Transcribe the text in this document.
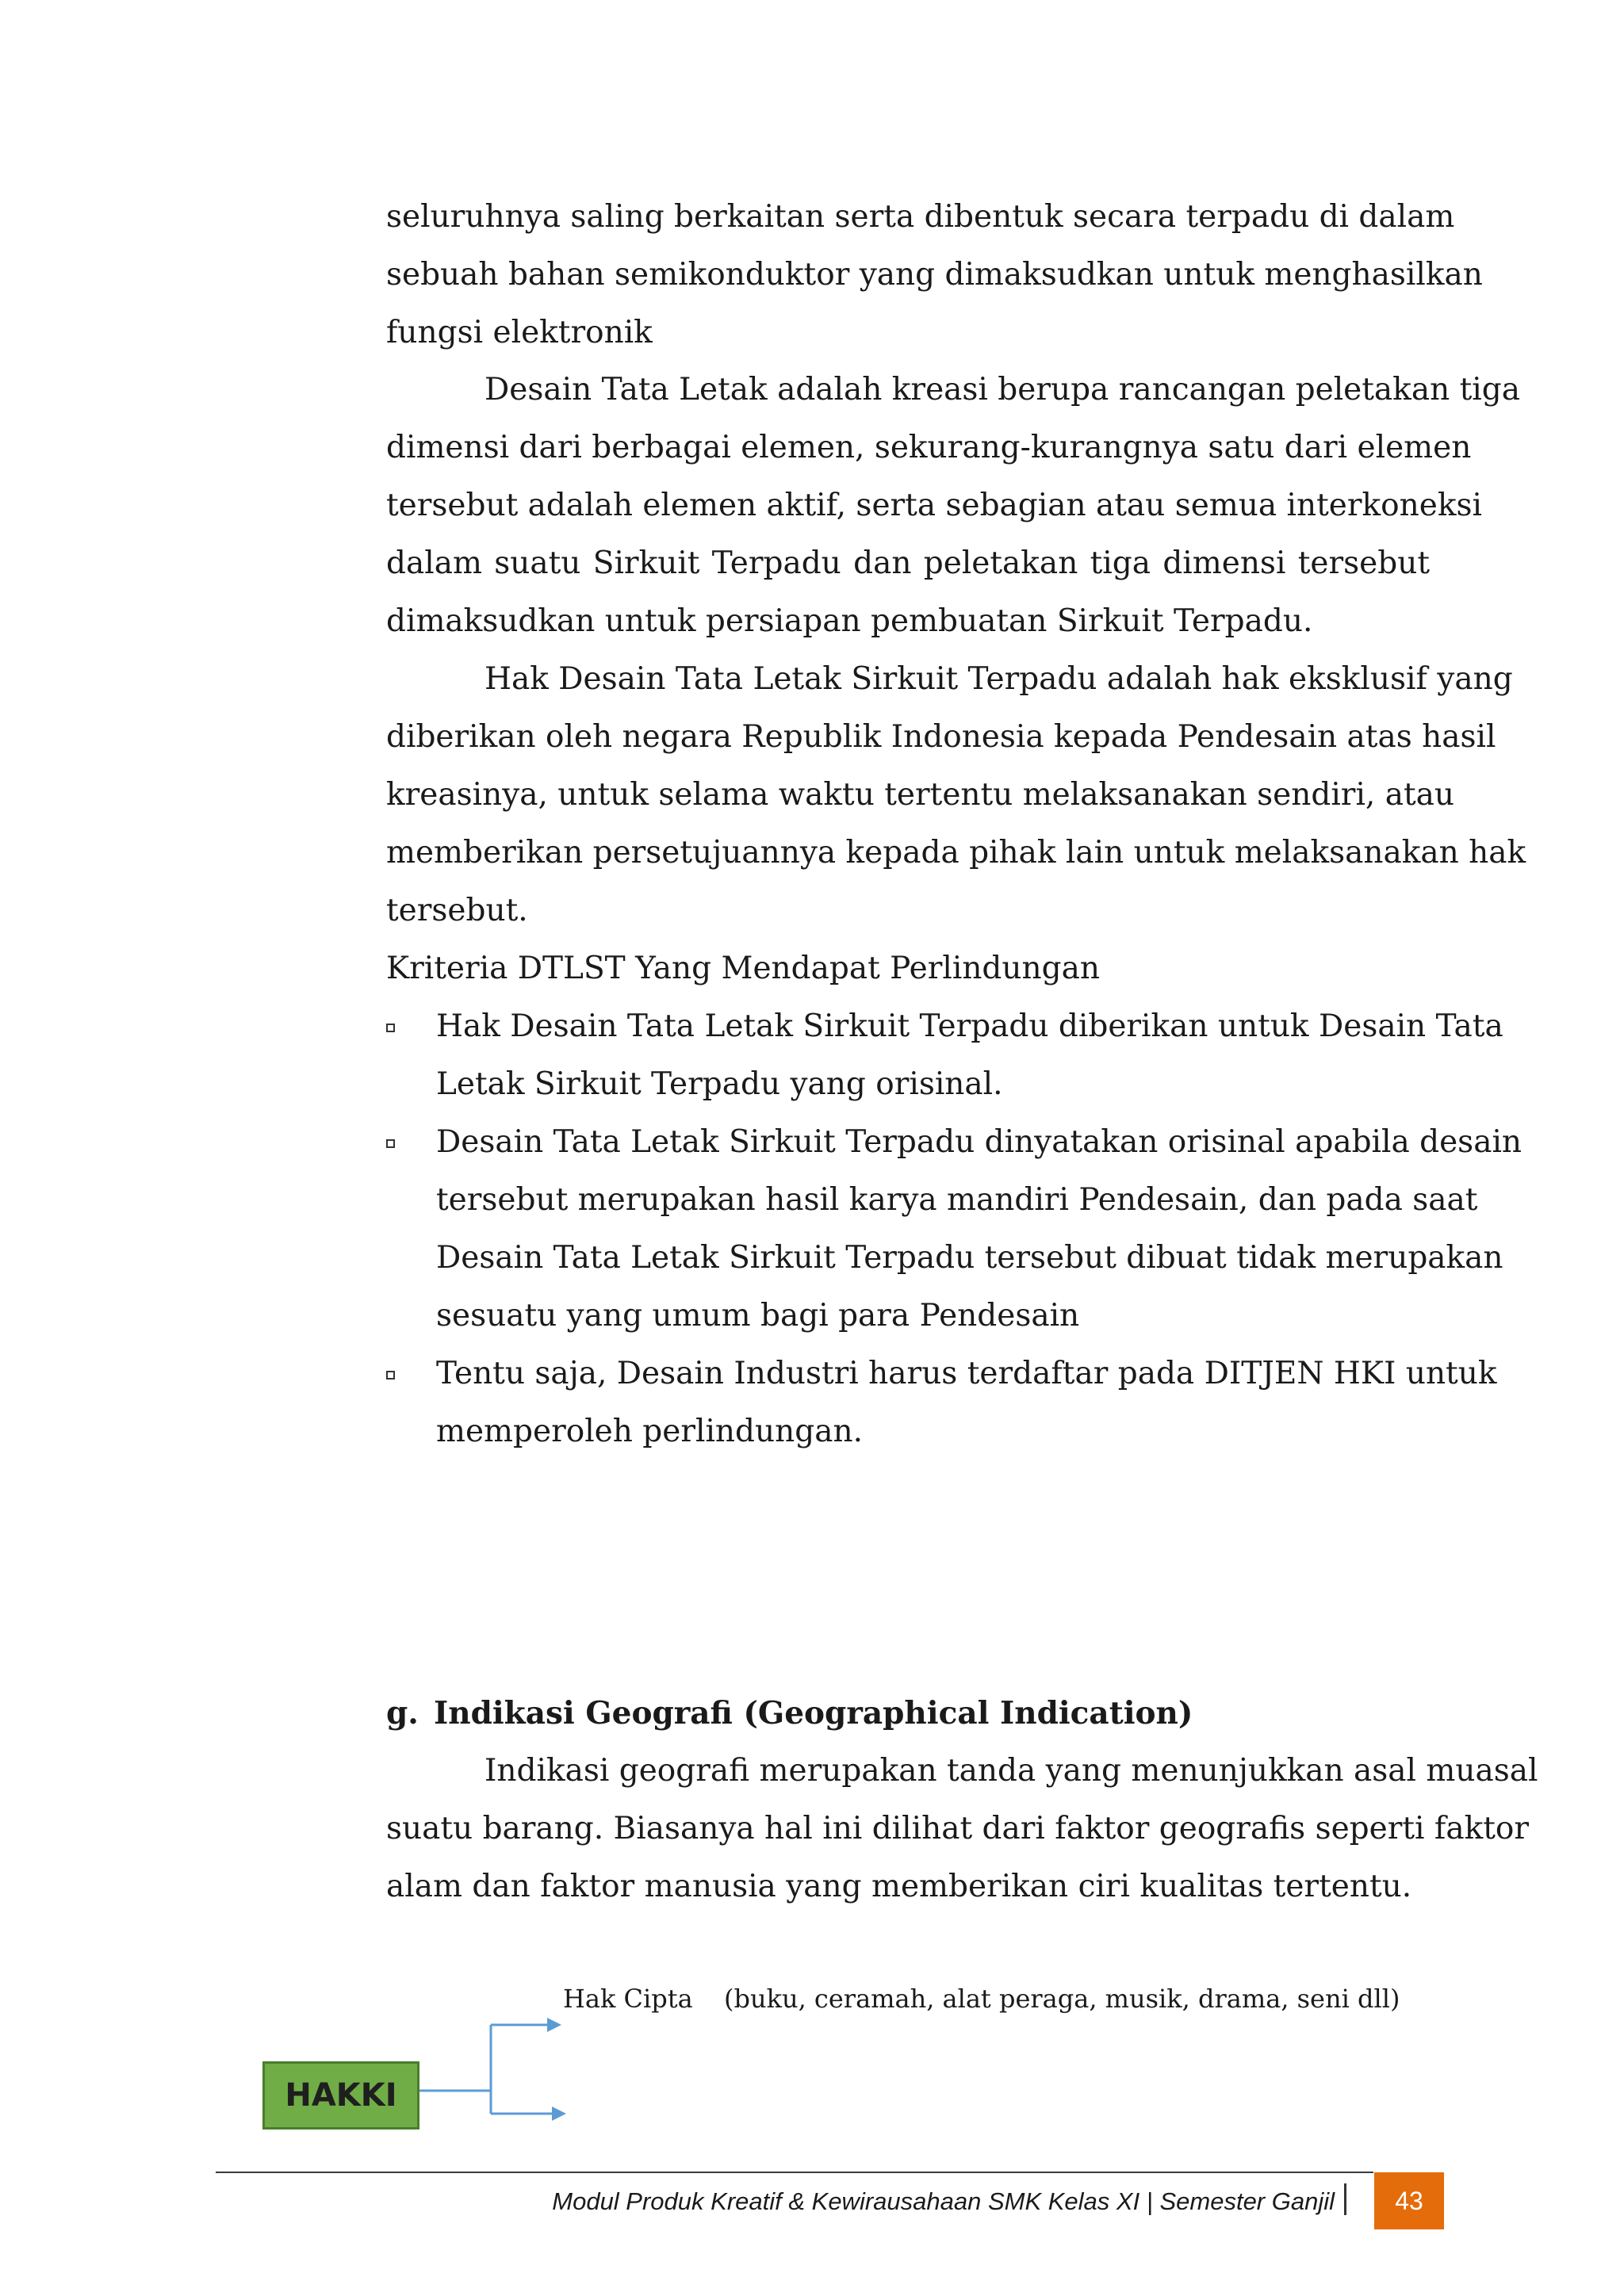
seluruhnya saling berkaitan serta dibentuk secara terpadu di dalam
sebuah bahan semikonduktor yang dimaksudkan untuk menghasilkan
fungsi elektronik
Desain Tata Letak adalah kreasi berupa rancangan peletakan tiga
dimensi dari berbagai elemen, sekurang-kurangnya satu dari elemen
tersebut adalah elemen aktif, serta sebagian atau semua interkoneksi
dalam suatu Sirkuit Terpadu dan peletakan tiga dimensi tersebut
dimaksudkan untuk persiapan pembuatan Sirkuit Terpadu.
Hak Desain Tata Letak Sirkuit Terpadu adalah hak eksklusif yang
diberikan oleh negara Republik Indonesia kepada Pendesain atas hasil
kreasinya, untuk selama waktu tertentu melaksanakan sendiri, atau
memberikan persetujuannya kepada pihak lain untuk melaksanakan hak
tersebut.
Kriteria DTLST Yang Mendapat Perlindungan
Hak Desain Tata Letak Sirkuit Terpadu diberikan untuk Desain Tata
Letak Sirkuit Terpadu yang orisinal.
Desain Tata Letak Sirkuit Terpadu dinyatakan orisinal apabila desain
tersebut merupakan hasil karya mandiri Pendesain, dan pada saat
Desain Tata Letak Sirkuit Terpadu tersebut dibuat tidak merupakan
sesuatu yang umum bagi para Pendesain
Tentu saja, Desain Industri harus terdaftar pada DITJEN HKI untuk
memperoleh perlindungan.
g. Indikasi Geografi (Geographical Indication)
Indikasi geografi merupakan tanda yang menunjukkan asal muasal
suatu barang. Biasanya hal ini dilihat dari faktor geografis seperti faktor
alam dan faktor manusia yang memberikan ciri kualitas tertentu.
Hak Cipta (buku, ceramah, alat peraga, musik, drama, seni dll)
HAKKI
Modul Produk Kreatif & Kewirausahaan SMK Kelas XI | Semester Ganjil	43
